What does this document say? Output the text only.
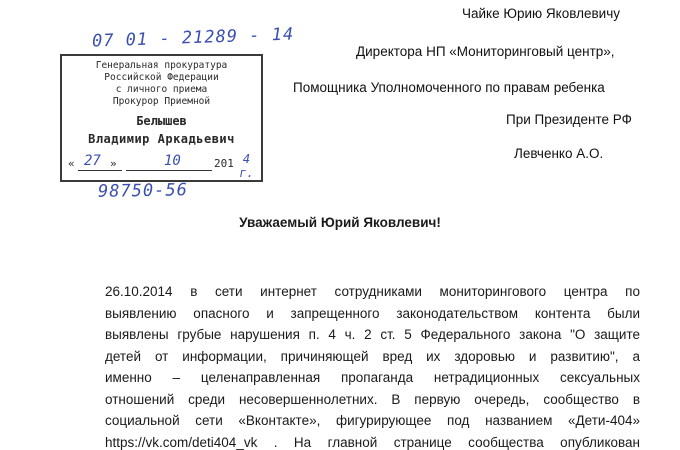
07 01 - 21289 - 14
Генеральная прокуратура
Российской Федерации
с личного приема
Прокурор Приемной
Белышев
Владимир Аркадьевич
« 27 »	10	201 4 г.
98750-56
Чайке Юрию Яковлевичу
Директора НП «Мониторинговый центр»,
Помощника Уполномоченного по правам ребенка
При Президенте РФ
Левченко А.О.
Уважаемый Юрий Яковлевич!

26.10.2014 в сети интернет сотрудниками мониторингового центра по

выявлению опасного и запрещенного законодательством контента были

выявлены грубые нарушения п. 4 ч. 2 ст. 5 Федерального закона "О защите

детей от информации, причиняющей вред их здоровью и развитию", а

именно – целенаправленная пропаганда нетрадиционных сексуальных

отношений среди несовершеннолетних. В первую очередь, сообщество в

социальной сети «Вконтакте», фигурирующее под названием «Дети-404»

https://vk.com/deti404_vk . На главной странице сообщества опубликован
